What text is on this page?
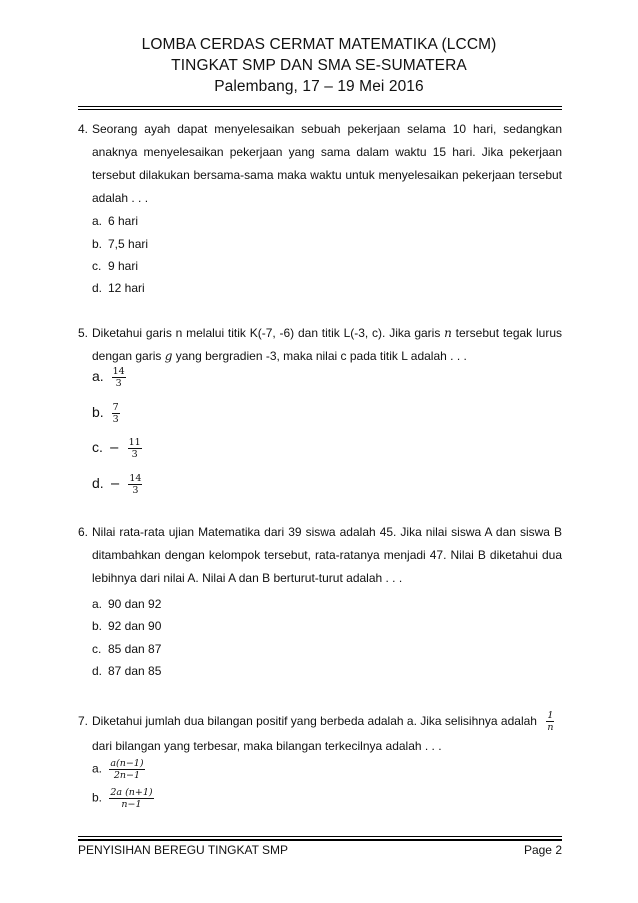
LOMBA CERDAS CERMAT MATEMATIKA (LCCM)
TINGKAT SMP DAN SMA SE-SUMATERA
Palembang, 17 – 19 Mei 2016
4. Seorang ayah dapat menyelesaikan sebuah pekerjaan selama 10 hari, sedangkan anaknya menyelesaikan pekerjaan yang sama dalam waktu 15 hari. Jika pekerjaan tersebut dilakukan bersama-sama maka waktu untuk menyelesaikan pekerjaan tersebut adalah . . .
a. 6 hari
b. 7,5 hari
c. 9 hari
d. 12 hari
5. Diketahui garis n melalui titik K(-7, -6) dan titik L(-3, c). Jika garis n tersebut tegak lurus dengan garis g yang bergradien -3, maka nilai c pada titik L adalah . . .
a. $\frac{14}{3}$
b. $\frac{7}{3}$
c. − $\frac{11}{3}$
d. − $\frac{14}{3}$
6. Nilai rata-rata ujian Matematika dari 39 siswa adalah 45. Jika nilai siswa A dan siswa B ditambahkan dengan kelompok tersebut, rata-ratanya menjadi 47. Nilai B diketahui dua lebihnya dari nilai A. Nilai A dan B berturut-turut adalah . . .
a. 90 dan 92
b. 92 dan 90
c. 85 dan 87
d. 87 dan 85
7. Diketahui jumlah dua bilangan positif yang berbeda adalah a. Jika selisihnya adalah $\frac{1}{n}$
dari bilangan yang terbesar, maka bilangan terkecilnya adalah . . .
a. $\frac{a(n-1)}{2n-1}$
b. $\frac{2a (n+1)}{n-1}$
PENYISIHAN BEREGU TINGKAT SMP	Page 2
